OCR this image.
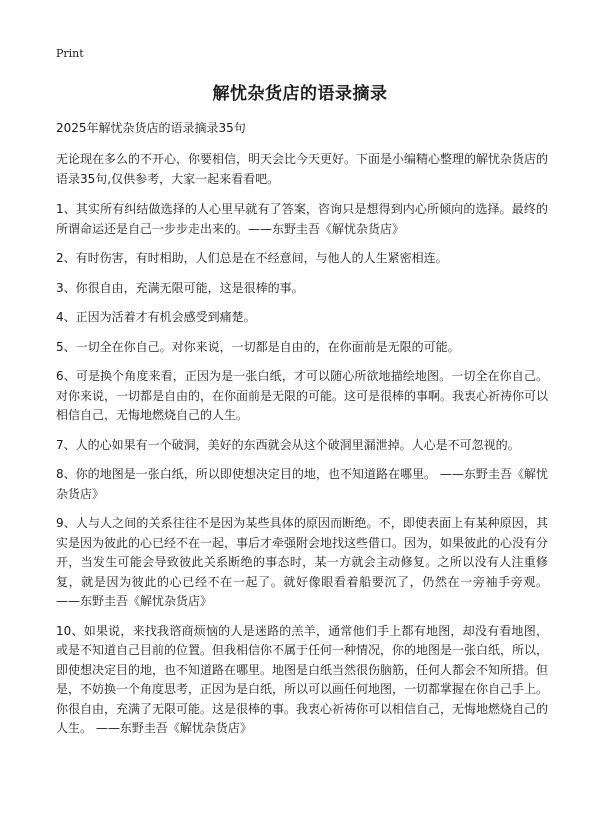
Print
解忧杂货店的语录摘录

2025年解忧杂货店的语录摘录35句

无论现在多么的不开心，你要相信，明天会比今天更好。下面是小编精心整理的解忧杂货店的语录35句,仅供参考，大家一起来看看吧。

1、其实所有纠结做选择的人心里早就有了答案，咨询只是想得到内心所倾向的选择。最终的所谓命运还是自己一步步走出来的。——东野圭吾《解忧杂货店》

2、有时伤害，有时相助，人们总是在不经意间，与他人的人生紧密相连。

3、你很自由，充满无限可能，这是很棒的事。

4、正因为活着才有机会感受到痛楚。

5、一切全在你自己。对你来说，一切都是自由的，在你面前是无限的可能。

6、可是换个角度来看，正因为是一张白纸，才可以随心所欲地描绘地图。一切全在你自己。对你来说，一切都是自由的，在你面前是无限的可能。这可是很棒的事啊。我衷心祈祷你可以相信自己，无悔地燃烧自己的人生。

7、人的心如果有一个破洞，美好的东西就会从这个破洞里漏泄掉。人心是不可忽视的。

8、你的地图是一张白纸，所以即使想决定目的地，也不知道路在哪里。 ——东野圭吾《解忧杂货店》

9、人与人之间的关系往往不是因为某些具体的原因而断绝。不，即使表面上有某种原因，其实是因为彼此的心已经不在一起，事后才牵强附会地找这些借口。因为，如果彼此的心没有分开，当发生可能会导致彼此关系断绝的事态时，某一方就会主动修复。之所以没有人注重修复，就是因为彼此的心已经不在一起了。就好像眼看着船要沉了，仍然在一旁袖手旁观。 ——东野圭吾《解忧杂货店》

10、如果说，来找我谘商烦恼的人是迷路的羔羊，通常他们手上都有地图，却没有看地图，或是不知道自己目前的位置。但我相信你不属于任何一种情况，你的地图是一张白纸，所以，即使想决定目的地，也不知道路在哪里。地图是白纸当然很伤脑筋，任何人都会不知所措。但是，不妨换一个角度思考，正因为是白纸，所以可以画任何地图，一切都掌握在你自己手上。你很自由，充满了无限可能。这是很棒的事。我衷心祈祷你可以相信自己，无悔地燃烧自己的人生。 ——东野圭吾《解忧杂货店》
